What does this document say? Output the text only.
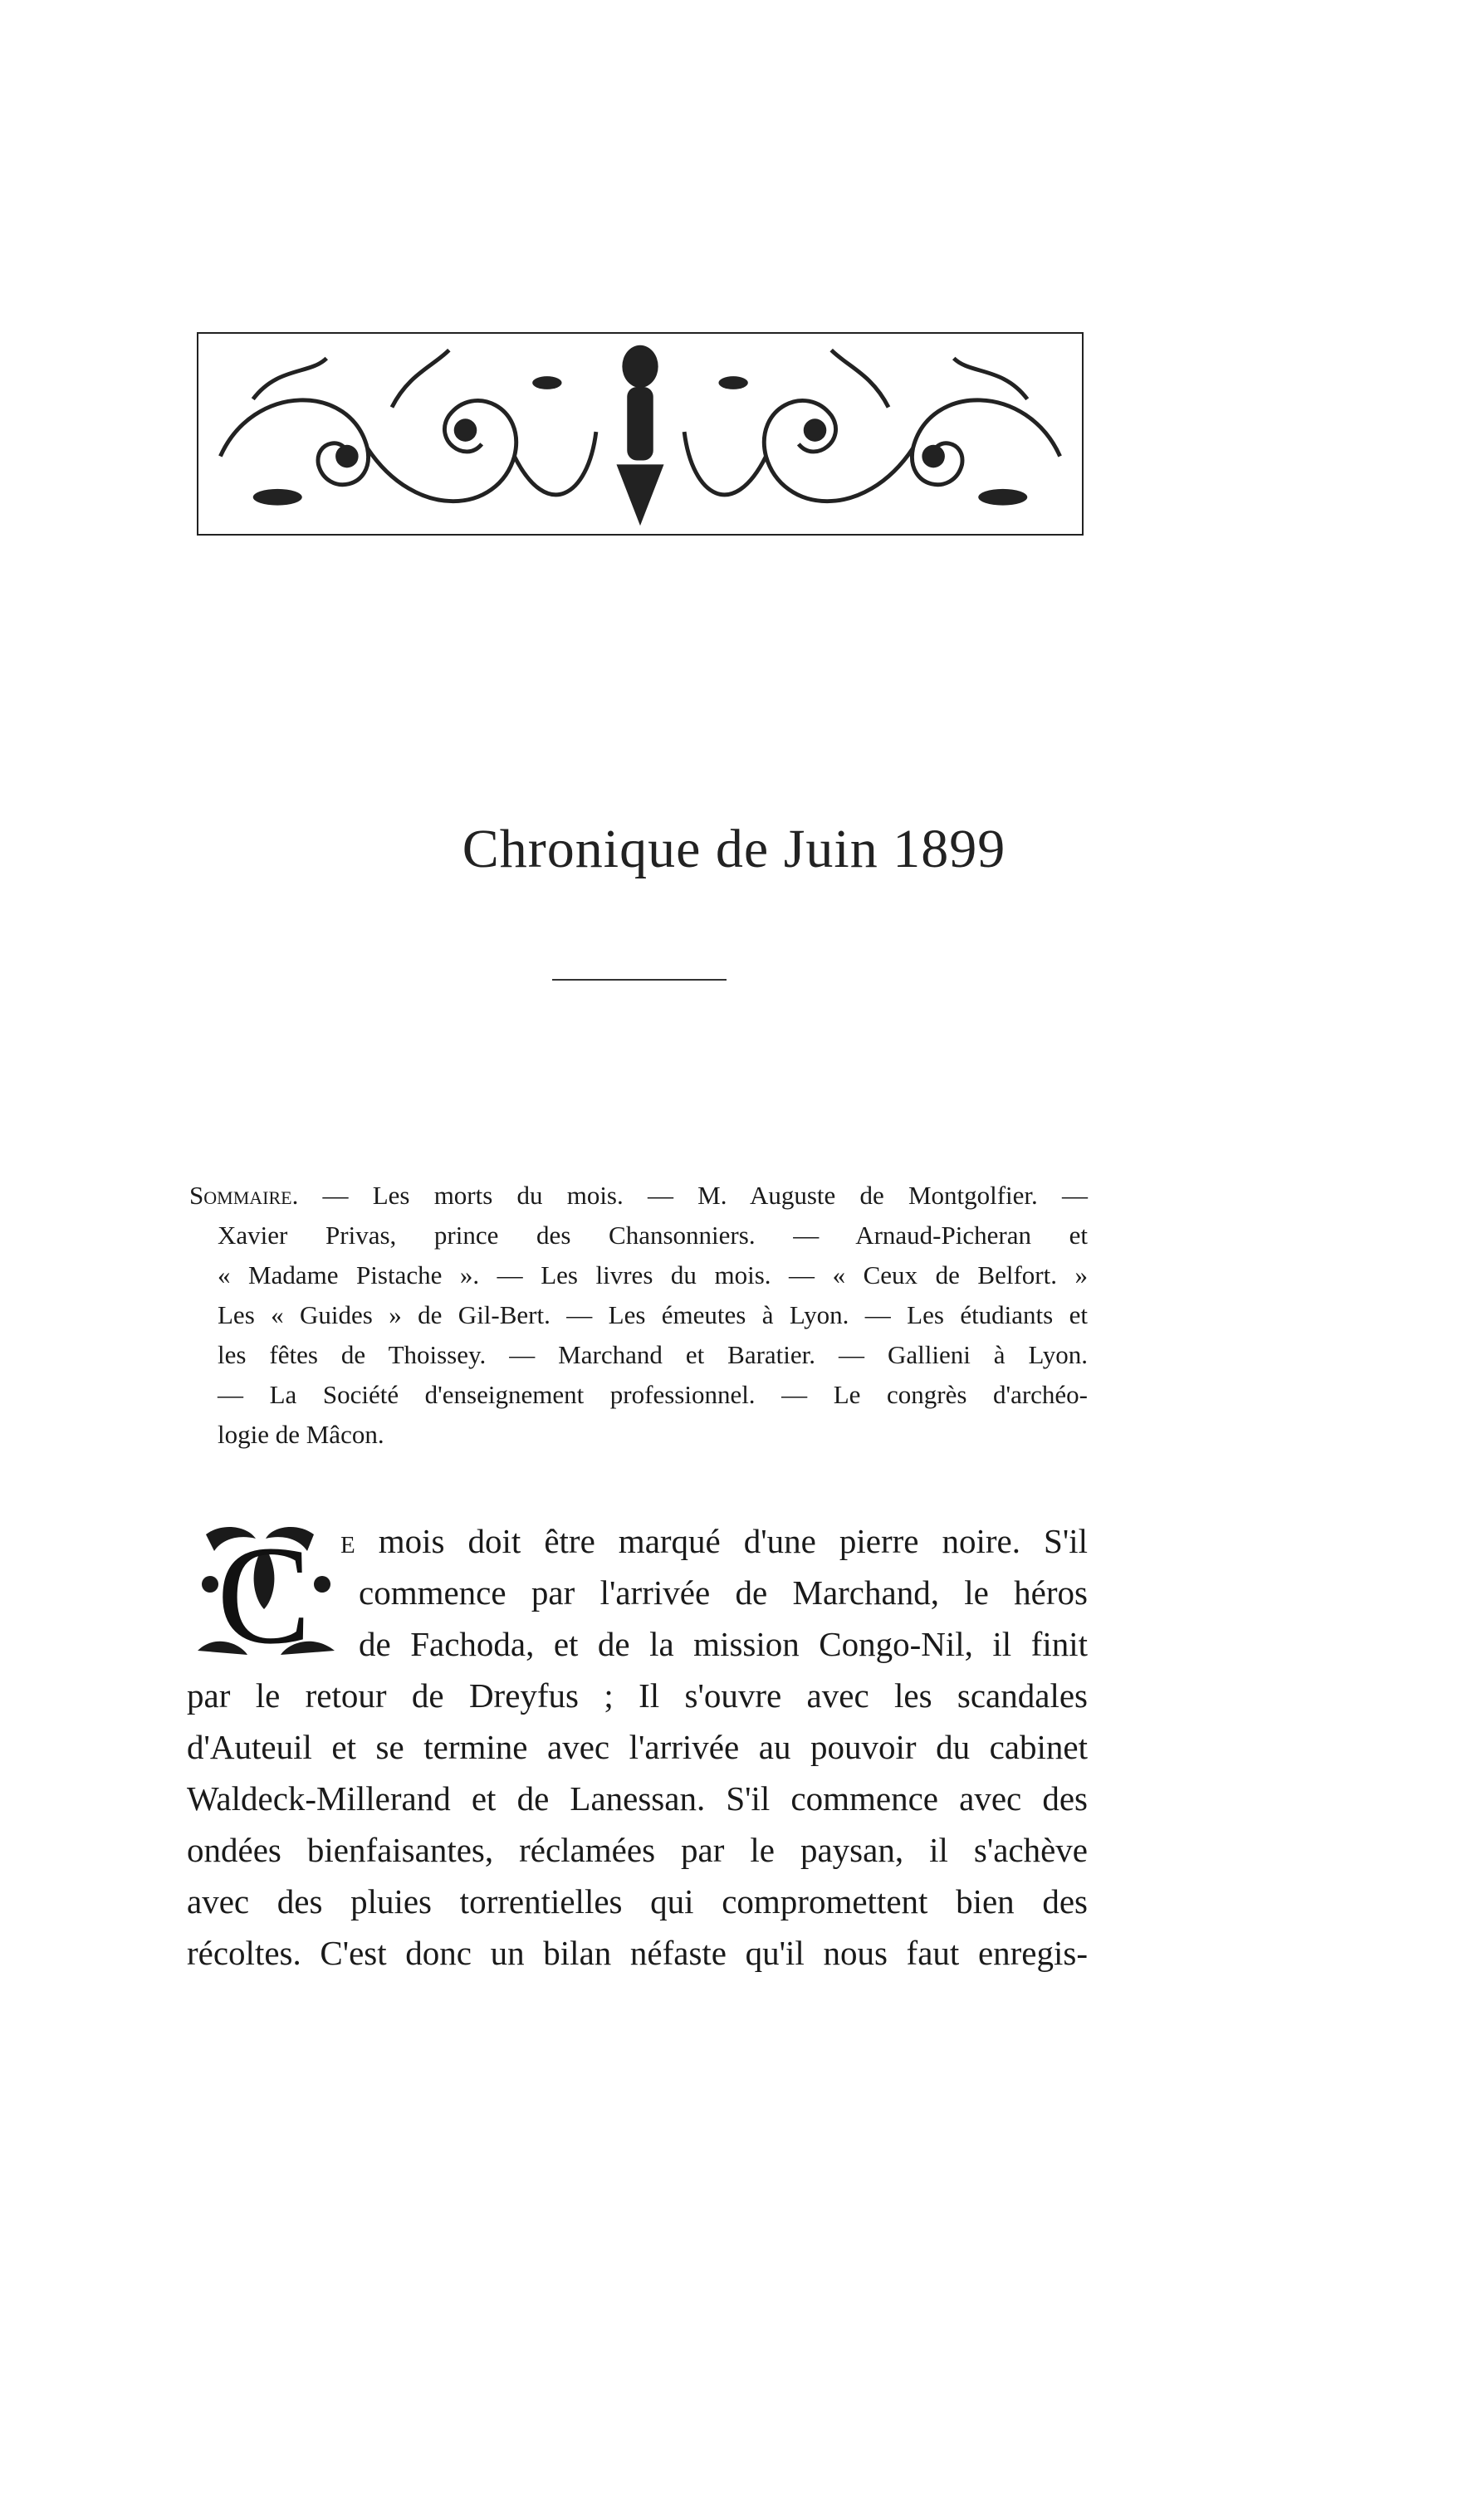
Chronique de Juin 1899
Sommaire. — Les morts du mois. — M. Auguste de Montgolfier. —
Xavier Privas, prince des Chansonniers. — Arnaud-Picheran et
« Madame Pistache ». — Les livres du mois. — « Ceux de Belfort. »
Les « Guides » de Gil-Bert. — Les émeutes à Lyon. — Les étudiants et
les fêtes de Thoissey. — Marchand et Baratier. — Gallieni à Lyon.
— La Société d'enseignement professionnel. — Le congrès d'archéo-
logie de Mâcon.
C e mois doit être marqué d'une pierre noire. S'il
commence par l'arrivée de Marchand, le héros
de Fachoda, et de la mission Congo-Nil, il finit
par le retour de Dreyfus ; Il s'ouvre avec les scandales
d'Auteuil et se termine avec l'arrivée au pouvoir du cabinet
Waldeck-Millerand et de Lanessan. S'il commence avec des
ondées bienfaisantes, réclamées par le paysan, il s'achève
avec des pluies torrentielles qui compromettent bien des
récoltes. C'est donc un bilan néfaste qu'il nous faut enregis-
